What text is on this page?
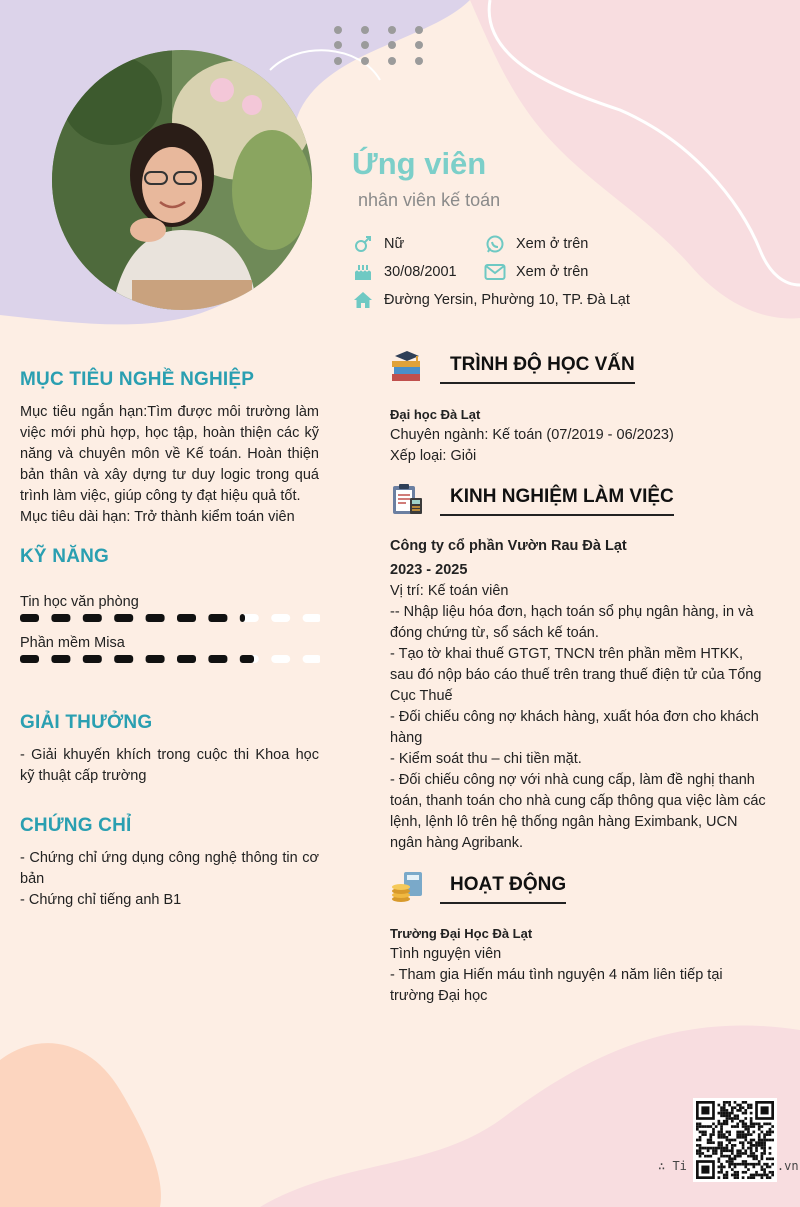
Ứng viên
nhân viên kế toán
Nữ	Xem ở trên
30/08/2001	Xem ở trên
Đường Yersin, Phường 10, TP. Đà Lạt
MỤC TIÊU NGHỀ NGHIỆP
Mục tiêu ngắn hạn:Tìm được môi trường làm việc mới phù hợp, học tập, hoàn thiện các kỹ năng và chuyên môn về Kế toán. Hoàn thiện bản thân và xây dựng tư duy logic trong quá trình làm việc, giúp công ty đạt hiệu quả tốt.
Mục tiêu dài hạn: Trở thành kiểm toán viên
KỸ NĂNG
Tin học văn phòng
Phần mềm Misa
GIẢI THƯỞNG
- Giải khuyến khích trong cuộc thi Khoa học kỹ thuật cấp trường
CHỨNG CHỈ
- Chứng chỉ ứng dụng công nghệ thông tin cơ bản
- Chứng chỉ tiếng anh B1
TRÌNH ĐỘ HỌC VẤN
Đại học Đà Lạt
Chuyên ngành: Kế toán (07/2019 - 06/2023)
Xếp loại: Giỏi
KINH NGHIỆM LÀM VIỆC
Công ty cổ phần Vườn Rau Đà Lạt
2023 - 2025
Vị trí: Kế toán viên
-- Nhập liệu hóa đơn, hạch toán sổ phụ ngân hàng, in và đóng chứng từ, sổ sách kế toán.
- Tạo tờ khai thuế GTGT, TNCN trên phần mềm HTKK, sau đó nộp báo cáo thuế trên trang thuế điện tử của Tổng Cục Thuế
- Đối chiếu công nợ khách hàng, xuất hóa đơn cho khách hàng
- Kiểm soát thu – chi tiền mặt.
- Đối chiếu công nợ với nhà cung cấp, làm đề nghị thanh toán, thanh toán cho nhà cung cấp thông qua việc làm các lệnh, lệnh lô trên hệ thống ngân hàng Eximbank, UCN ngân hàng Agribank.
HOẠT ĐỘNG
Trường Đại Học Đà Lạt
Tình nguyện viên
- Tham gia Hiến máu tình nguyện 4 năm liên tiếp tại trường Đại học
∴ Ti	.vn
